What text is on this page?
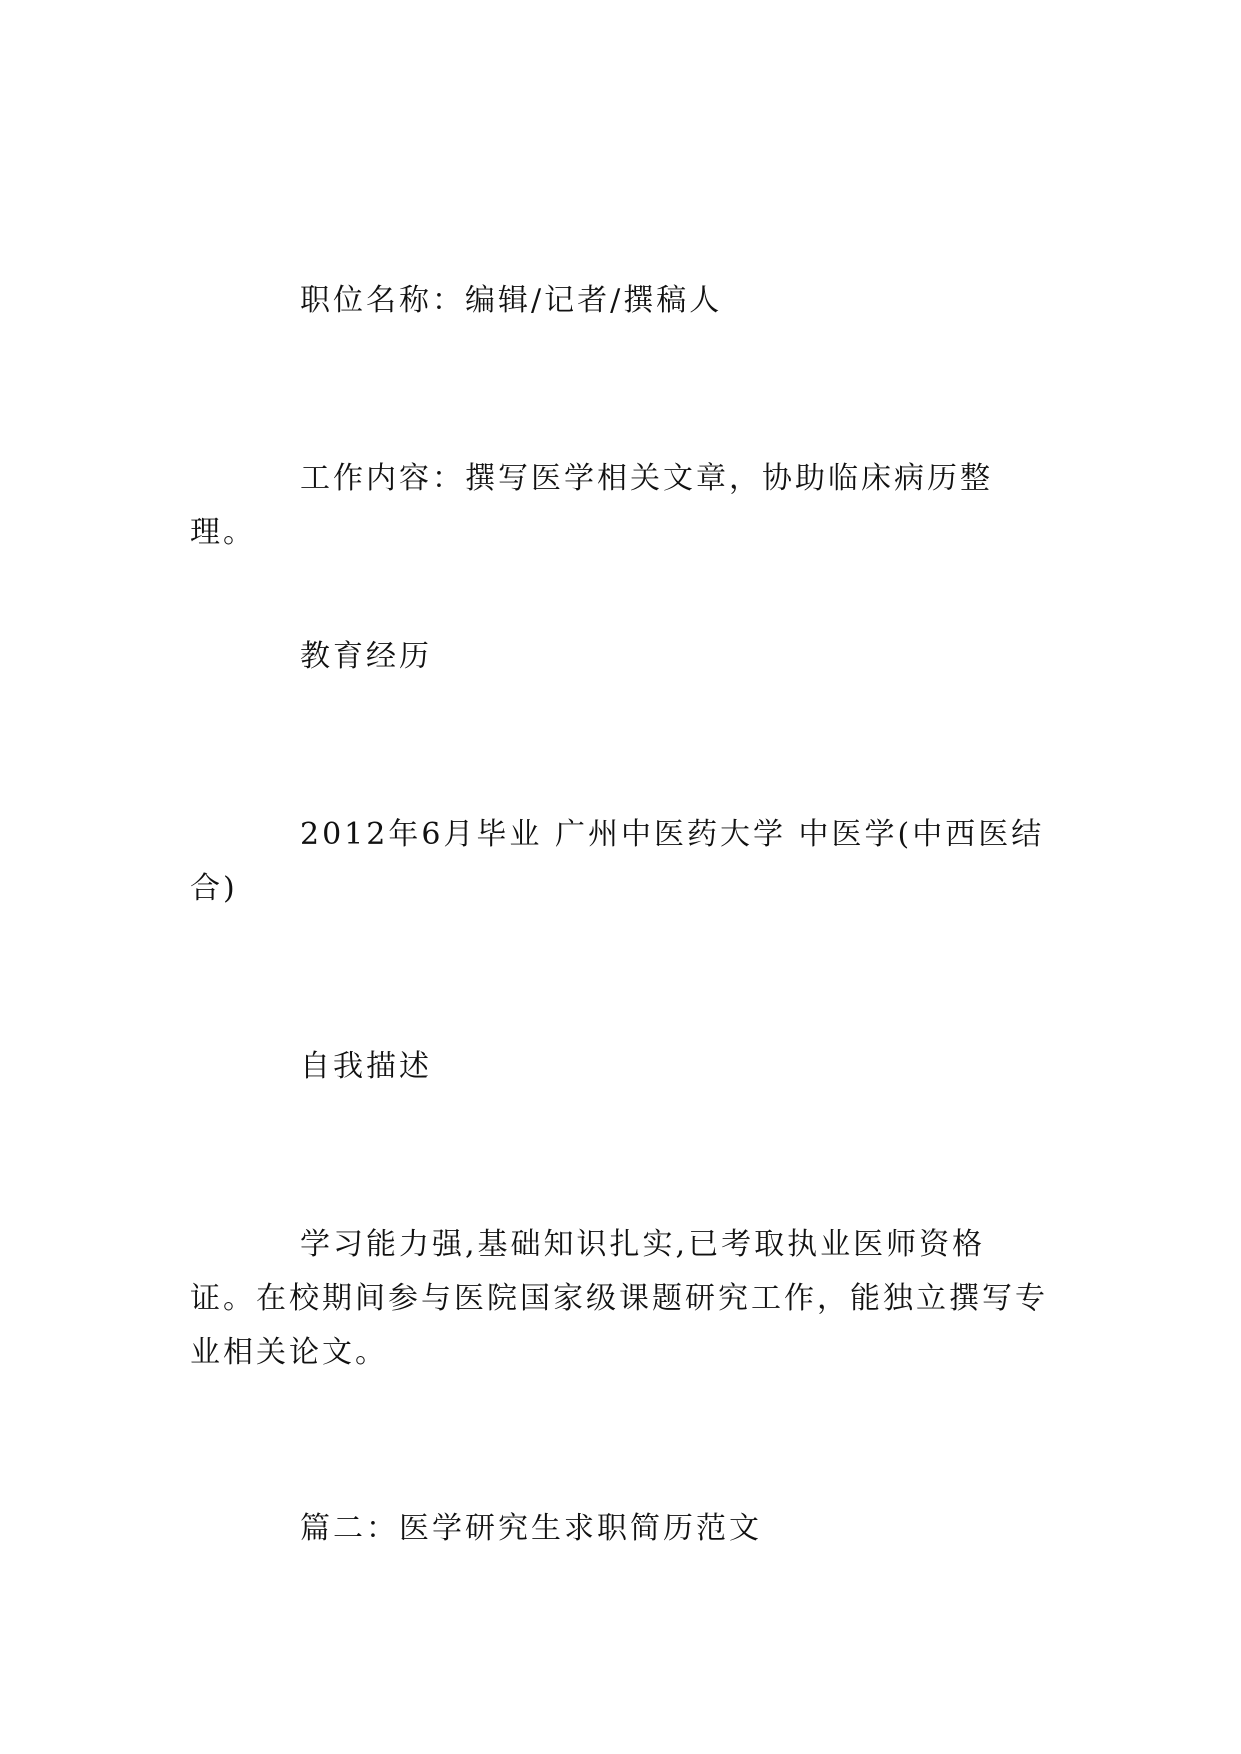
职位名称：编辑/记者/撰稿人

工作内容：撰写医学相关文章，协助临床病历整理。

教育经历

2012年6月毕业 广州中医药大学 中医学(中西医结合)

自我描述

学习能力强,基础知识扎实,已考取执业医师资格证。在校期间参与医院国家级课题研究工作，能独立撰写专业相关论文。

篇二：医学研究生求职简历范文
